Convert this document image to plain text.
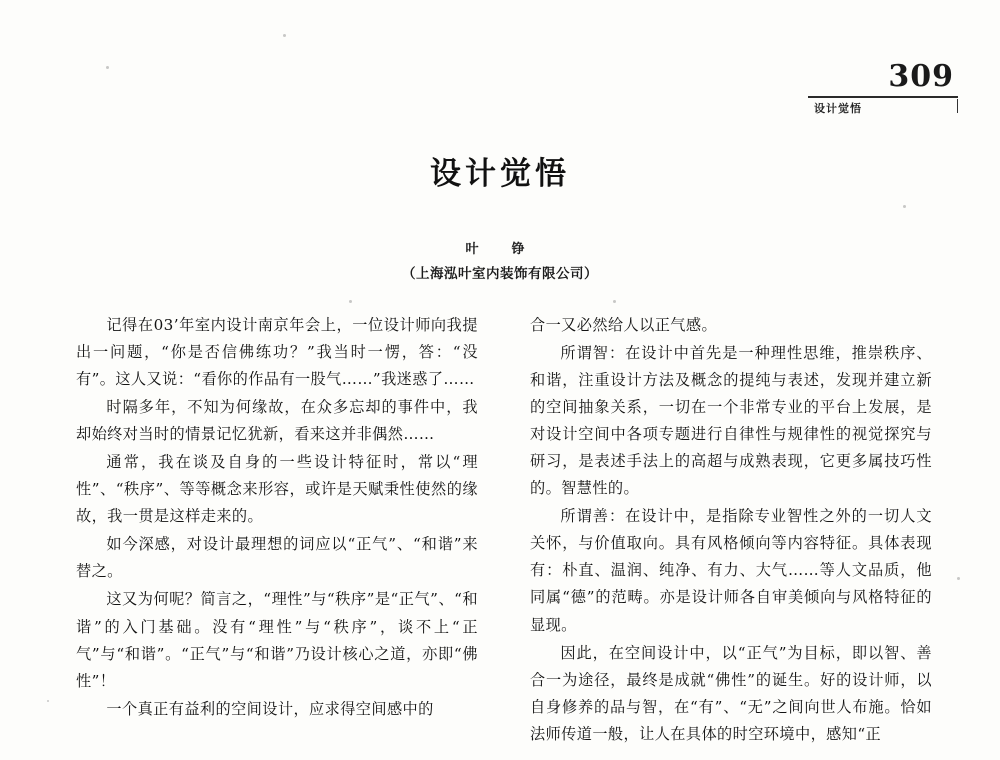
309
设计觉悟
设计觉悟
叶　铮
（上海泓叶室内装饰有限公司）

记得在03’年室内设计南京年会上，一位设计师向我提出一问题，“你是否信佛练功？”我当时一愣，答：“没有”。这人又说：“看你的作品有一股气……”我迷惑了……

时隔多年，不知为何缘故，在众多忘却的事件中，我却始终对当时的情景记忆犹新，看来这并非偶然……

通常，我在谈及自身的一些设计特征时，常以“理性”、“秩序”、等等概念来形容，或许是天赋秉性使然的缘故，我一贯是这样走来的。

如今深感，对设计最理想的词应以“正气”、“和谐”来替之。

这又为何呢？简言之，“理性”与“秩序”是“正气”、“和谐”的入门基础。没有“理性”与“秩序”，谈不上“正气”与“和谐”。“正气”与“和谐”乃设计核心之道，亦即“佛性”！

一个真正有益利的空间设计，应求得空间感中的

合一又必然给人以正气感。

所谓智：在设计中首先是一种理性思维，推崇秩序、和谐，注重设计方法及概念的提纯与表述，发现并建立新的空间抽象关系，一切在一个非常专业的平台上发展，是对设计空间中各项专题进行自律性与规律性的视觉探究与研习，是表述手法上的高超与成熟表现，它更多属技巧性的。智慧性的。

所谓善：在设计中，是指除专业智性之外的一切人文关怀，与价值取向。具有风格倾向等内容特征。具体表现有：朴直、温润、纯净、有力、大气……等人文品质，他同属“德”的范畴。亦是设计师各自审美倾向与风格特征的显现。

因此，在空间设计中，以“正气”为目标，即以智、善合一为途径，最终是成就“佛性”的诞生。好的设计师，以自身修养的品与智，在“有”、“无”之间向世人布施。恰如法师传道一般，让人在具体的时空环境中，感知“正
